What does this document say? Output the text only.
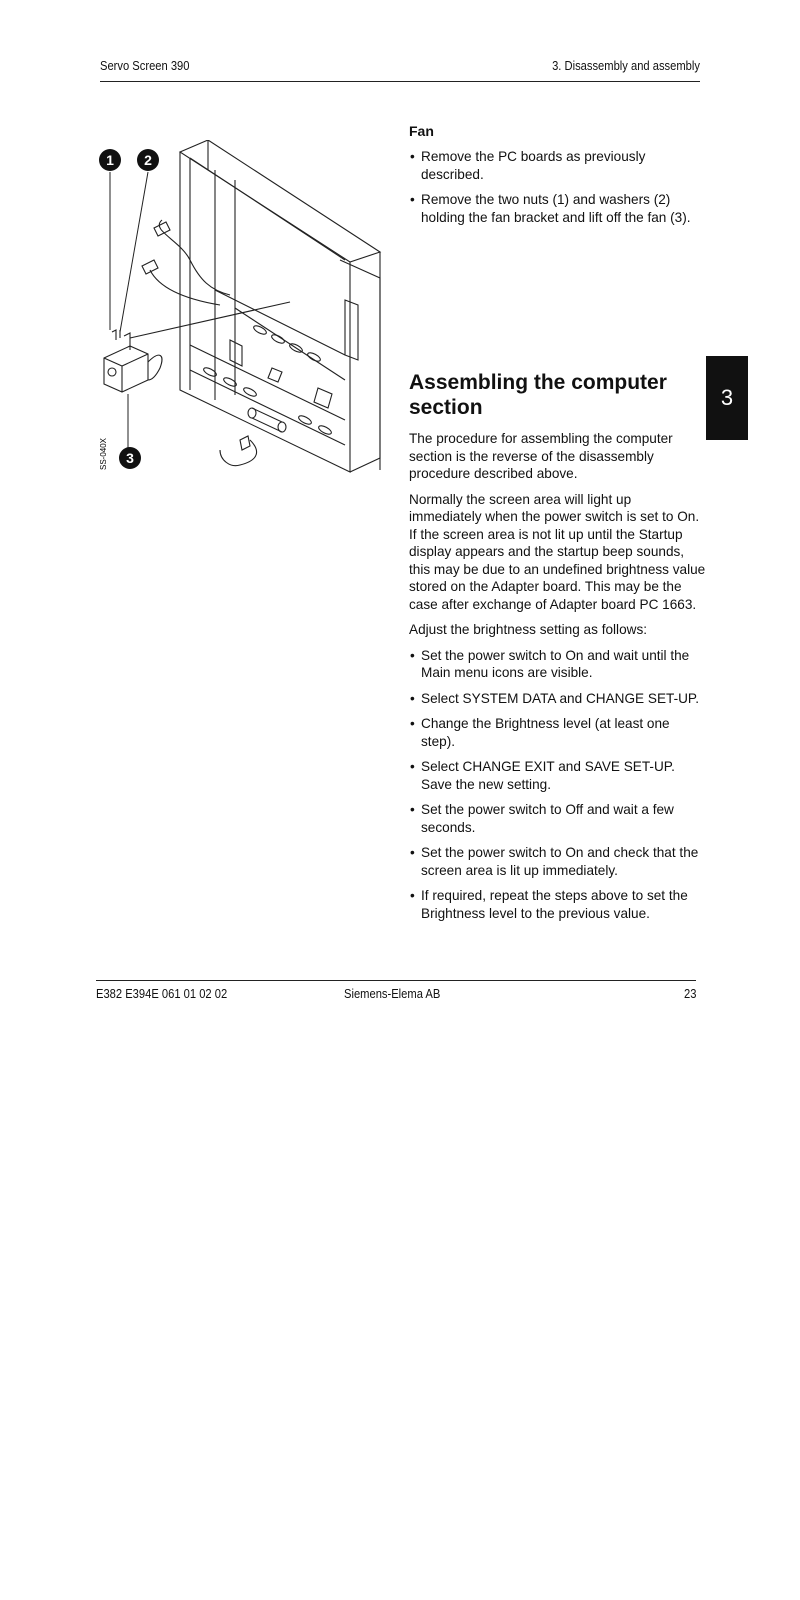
Servo Screen 390	3. Disassembly and assembly
1 2
3
SS-040X
Fan
• Remove the PC boards as previously described.
• Remove the two nuts (1) and washers (2) holding the fan bracket and lift off the fan (3).
3
Assembling the computer section

The procedure for assembling the computer section is the reverse of the disassembly procedure described above.

Normally the screen area will light up immediately when the power switch is set to On. If the screen area is not lit up until the Startup display appears and the startup beep sounds, this may be due to an undefined brightness value stored on the Adapter board. This may be the case after exchange of Adapter board PC 1663.

Adjust the brightness setting as follows:

• Set the power switch to On and wait until the Main menu icons are visible.
• Select SYSTEM DATA and CHANGE SET-UP.
• Change the Brightness level (at least one step).
• Select CHANGE EXIT and SAVE SET-UP. Save the new setting.
• Set the power switch to Off and wait a few seconds.
• Set the power switch to On and check that the screen area is lit up immediately.
• If required, repeat the steps above to set the Brightness level to the previous value.
E382 E394E 061 01 02 02	Siemens-Elema AB	23
